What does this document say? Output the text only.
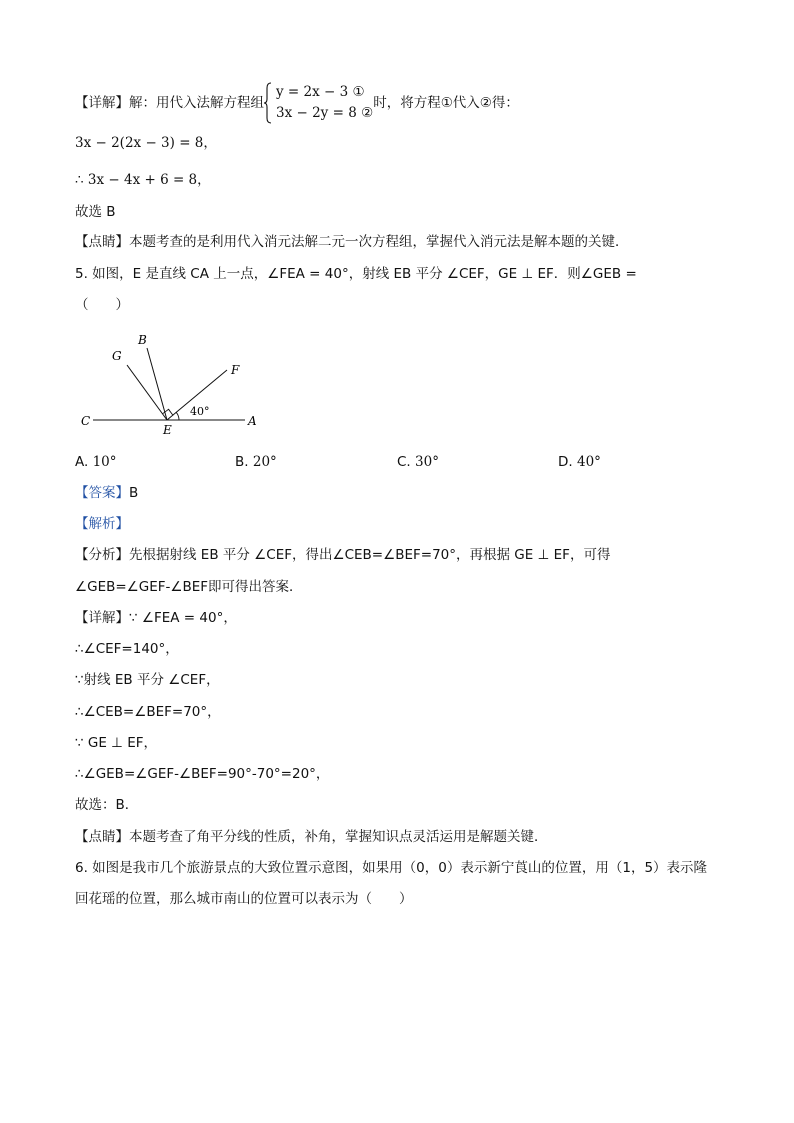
【详解】解：用代入法解方程组
y = 2x − 3 ①
3x − 2y = 8 ②
时，将方程①代入②得：
3x − 2(2x − 3) = 8，
∴ 3x − 4x + 6 = 8，
故选 B
【点睛】本题考查的是利用代入消元法解二元一次方程组，掌握代入消元法是解本题的关键．
5. 如图，E 是直线 CA 上一点，∠FEA = 40°，射线 EB 平分 ∠CEF，GE ⊥ EF．则∠GEB =
（　　）
B
G
F
C
E
A
40°
A. 10°	B. 20°	C. 30°	D. 40°
【答案】B
【解析】
【分析】先根据射线 EB 平分 ∠CEF，得出∠CEB=∠BEF=70°，再根据 GE ⊥ EF，可得
∠GEB=∠GEF-∠BEF即可得出答案．
【详解】∵ ∠FEA = 40°，
∴∠CEF=140°，
∵射线 EB 平分 ∠CEF，
∴∠CEB=∠BEF=70°，
∵ GE ⊥ EF，
∴∠GEB=∠GEF-∠BEF=90°-70°=20°，
故选：B．
【点睛】本题考查了角平分线的性质，补角，掌握知识点灵活运用是解题关键．
6. 如图是我市几个旅游景点的大致位置示意图，如果用（0，0）表示新宁莨山的位置，用（1，5）表示隆
回花瑶的位置，那么城市南山的位置可以表示为（　　）
